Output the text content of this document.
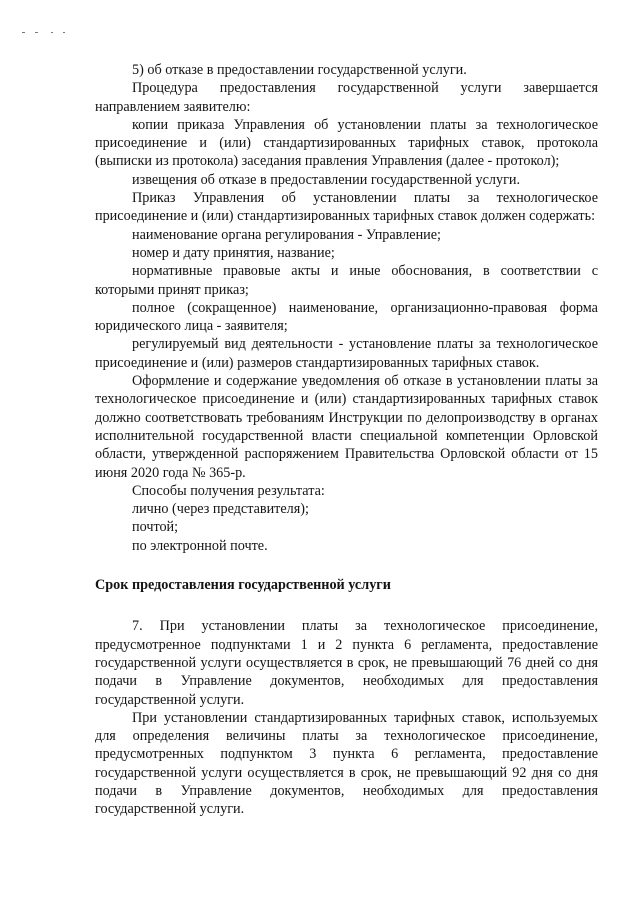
5) об отказе в предоставлении государственной услуги.

Процедура предоставления государственной услуги завершается направлением заявителю:

копии приказа Управления об установлении платы за технологическое присоединение и (или) стандартизированных тарифных ставок, протокола (выписки из протокола) заседания правления Управления (далее - протокол);

извещения об отказе в предоставлении государственной услуги.

Приказ Управления об установлении платы за технологическое присоединение и (или) стандартизированных тарифных ставок должен содержать:

наименование органа регулирования - Управление;

номер и дату принятия, название;

нормативные правовые акты и иные обоснования, в соответствии с которыми принят приказ;

полное (сокращенное) наименование, организационно-правовая форма юридического лица - заявителя;

регулируемый вид деятельности - установление платы за технологическое присоединение и (или) размеров стандартизированных тарифных ставок.

Оформление и содержание уведомления об отказе в установлении платы за технологическое присоединение и (или) стандартизированных тарифных ставок должно соответствовать требованиям Инструкции по делопроизводству в органах исполнительной государственной власти специальной компетенции Орловской области, утвержденной распоряжением Правительства Орловской области от 15 июня 2020 года № 365-р.

Способы получения результата:

лично (через представителя);

почтой;

по электронной почте.

Срок предоставления государственной услуги

7. При установлении платы за технологическое присоединение, предусмотренное подпунктами 1 и 2 пункта 6 регламента, предоставление государственной услуги осуществляется в срок, не превышающий 76 дней со дня подачи в Управление документов, необходимых для предоставления государственной услуги.

При установлении стандартизированных тарифных ставок, используемых для определения величины платы за технологическое присоединение, предусмотренных подпунктом 3 пункта 6 регламента, предоставление государственной услуги осуществляется в срок, не превышающий 92 дня со дня подачи в Управление документов, необходимых для предоставления государственной услуги.
